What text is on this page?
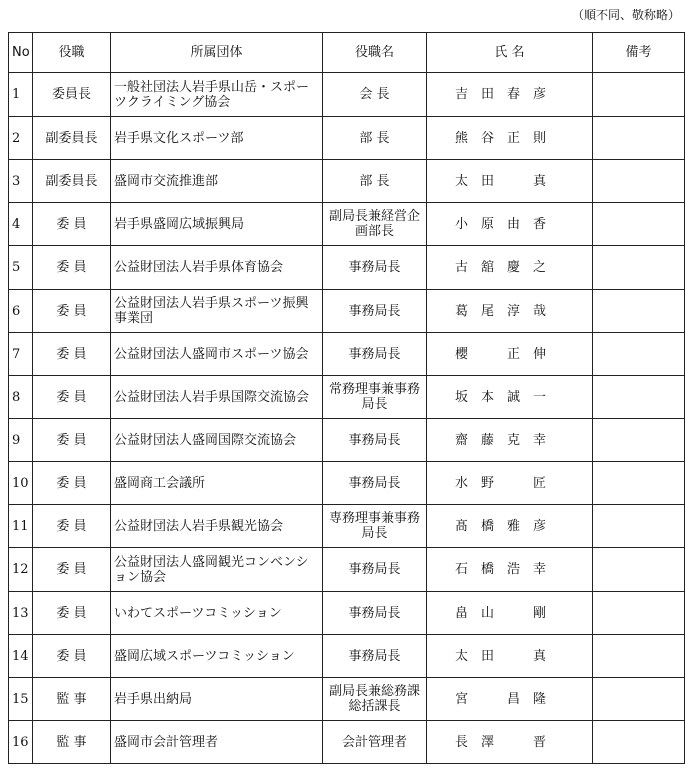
（順不同、敬称略）
No	役職	所属団体	役職名	氏 名	備考
1	委員長	一般社団法人岩手県山岳・スポーツクライミング協会	会 長	吉　田　春　彦	
2	副委員長	岩手県文化スポーツ部	部 長	熊　谷　正　則	
3	副委員長	盛岡市交流推進部	部 長	太　田　　　真	
4	委 員	岩手県盛岡広域振興局	副局長兼経営企画部長	小　原　由　香	
5	委 員	公益財団法人岩手県体育協会	事務局長	古　舘　慶　之	
6	委 員	公益財団法人岩手県スポーツ振興事業団	事務局長	葛　尾　淳　哉	
7	委 員	公益財団法人盛岡市スポーツ協会	事務局長	櫻　　　正　伸	
8	委 員	公益財団法人岩手県国際交流協会	常務理事兼事務局長	坂　本　誠　一	
9	委 員	公益財団法人盛岡国際交流協会	事務局長	齋　藤　克　幸	
10	委 員	盛岡商工会議所	事務局長	水　野　　　匠	
11	委 員	公益財団法人岩手県観光協会	専務理事兼事務局長	髙　橋　雅　彦	
12	委 員	公益財団法人盛岡観光コンベンション協会	事務局長	石　橋　浩　幸	
13	委 員	いわてスポーツコミッション	事務局長	畠　山　　　剛	
14	委 員	盛岡広域スポーツコミッション	事務局長	太　田　　　真	
15	監 事	岩手県出納局	副局長兼総務課総括課長	宮　　　昌　隆	
16	監 事	盛岡市会計管理者	会計管理者	長　澤　　　晋	
